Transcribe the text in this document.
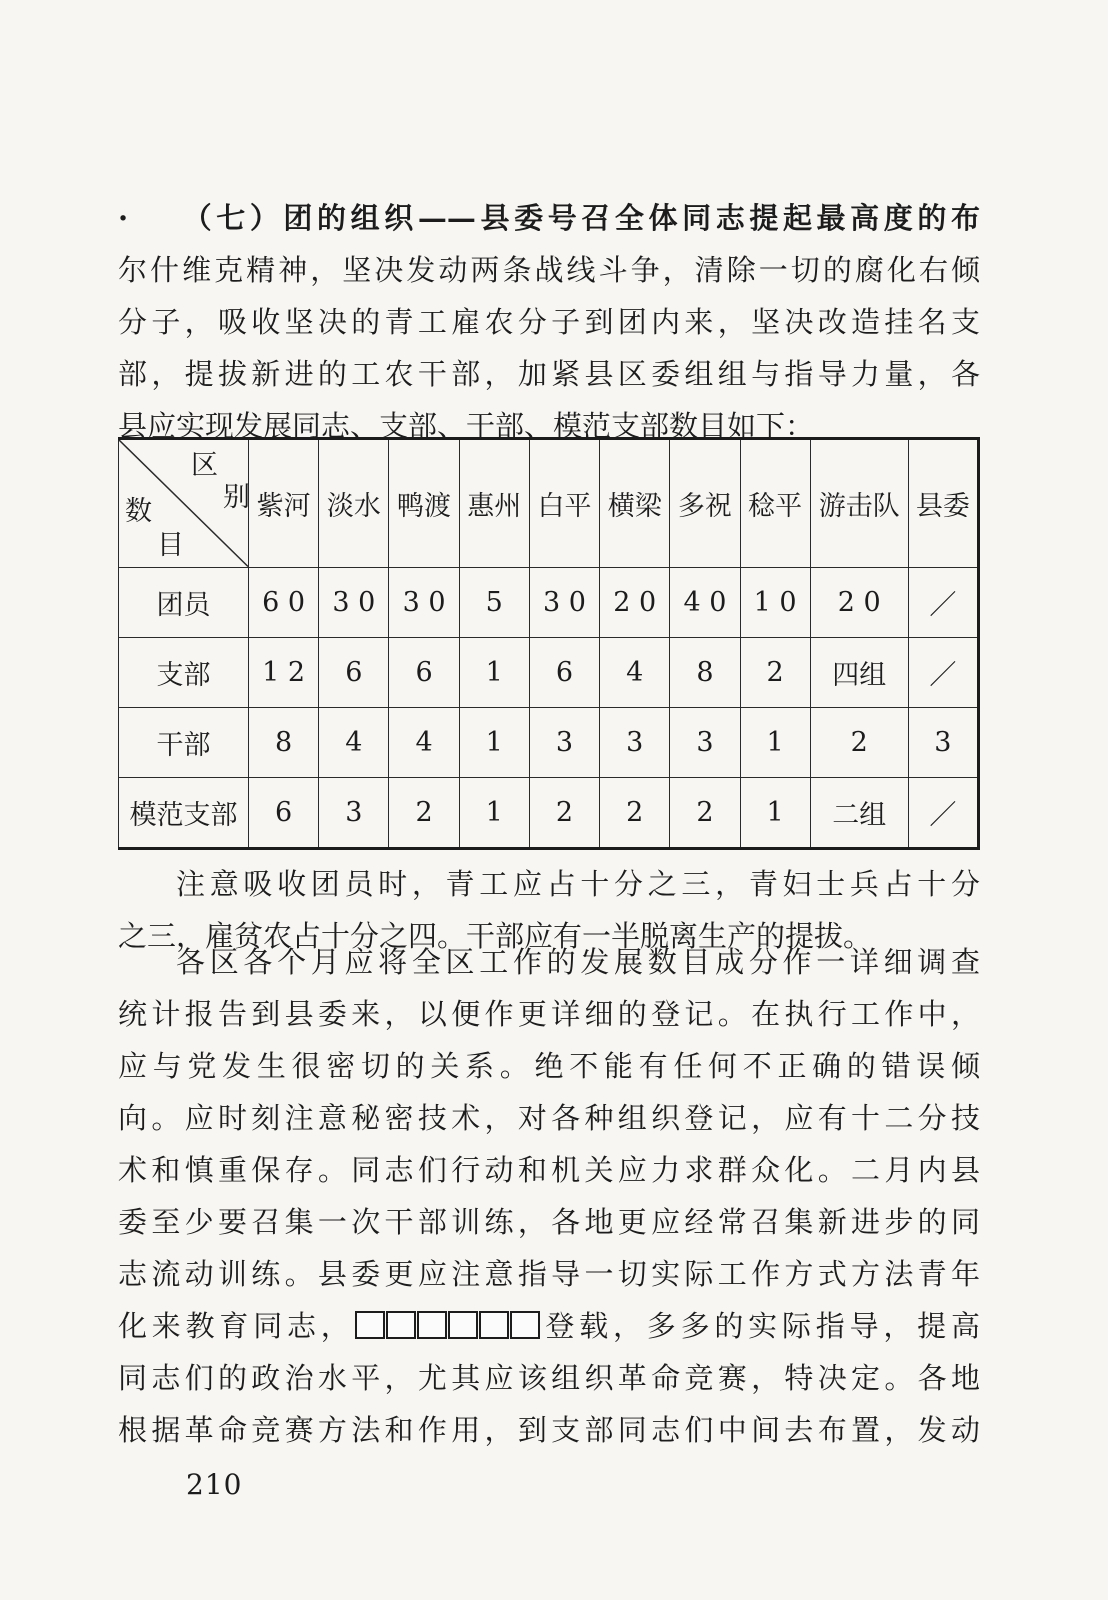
· （七）团的组织——县委号召全体同志提起最高度的布
尔什维克精神，坚决发动两条战线斗争，清除一切的腐化右倾
分子，吸收坚决的青工雇农分子到团内来，坚决改造挂名支
部，提拔新进的工农干部，加紧县区委组组与指导力量，各
县应实现发展同志、支部、干部、模范支部数目如下：
区
别
数
目	紫河	淡水	鸭渡	惠州	白平	横梁	多祝	稔平	游击队	县委
团员	6 0	3 0	3 0	5	3 0	2 0	4 0	1 0	2 0	／
支部	1 2	6	6	1	6	4	8	2	四组	／
干部	8	4	4	1	3	3	3	1	2	3
模范支部	6	3	2	1	2	2	2	1	二组	／
注意吸收团员时，青工应占十分之三，青妇士兵占十分
之三，雇贫农占十分之四。干部应有一半脱离生产的提拔。
各区各个月应将全区工作的发展数目成分作一详细调查
统计报告到县委来，以便作更详细的登记。在执行工作中，
应与党发生很密切的关系。绝不能有任何不正确的错误倾
向。应时刻注意秘密技术，对各种组织登记，应有十二分技
术和慎重保存。同志们行动和机关应力求群众化。二月内县
委至少要召集一次干部训练，各地更应经常召集新进步的同
志流动训练。县委更应注意指导一切实际工作方式方法青年
化来教育同志，	登载，多多的实际指导，提高
同志们的政治水平，尤其应该组织革命竞赛，特决定。各地
根据革命竞赛方法和作用，到支部同志们中间去布置，发动
210
